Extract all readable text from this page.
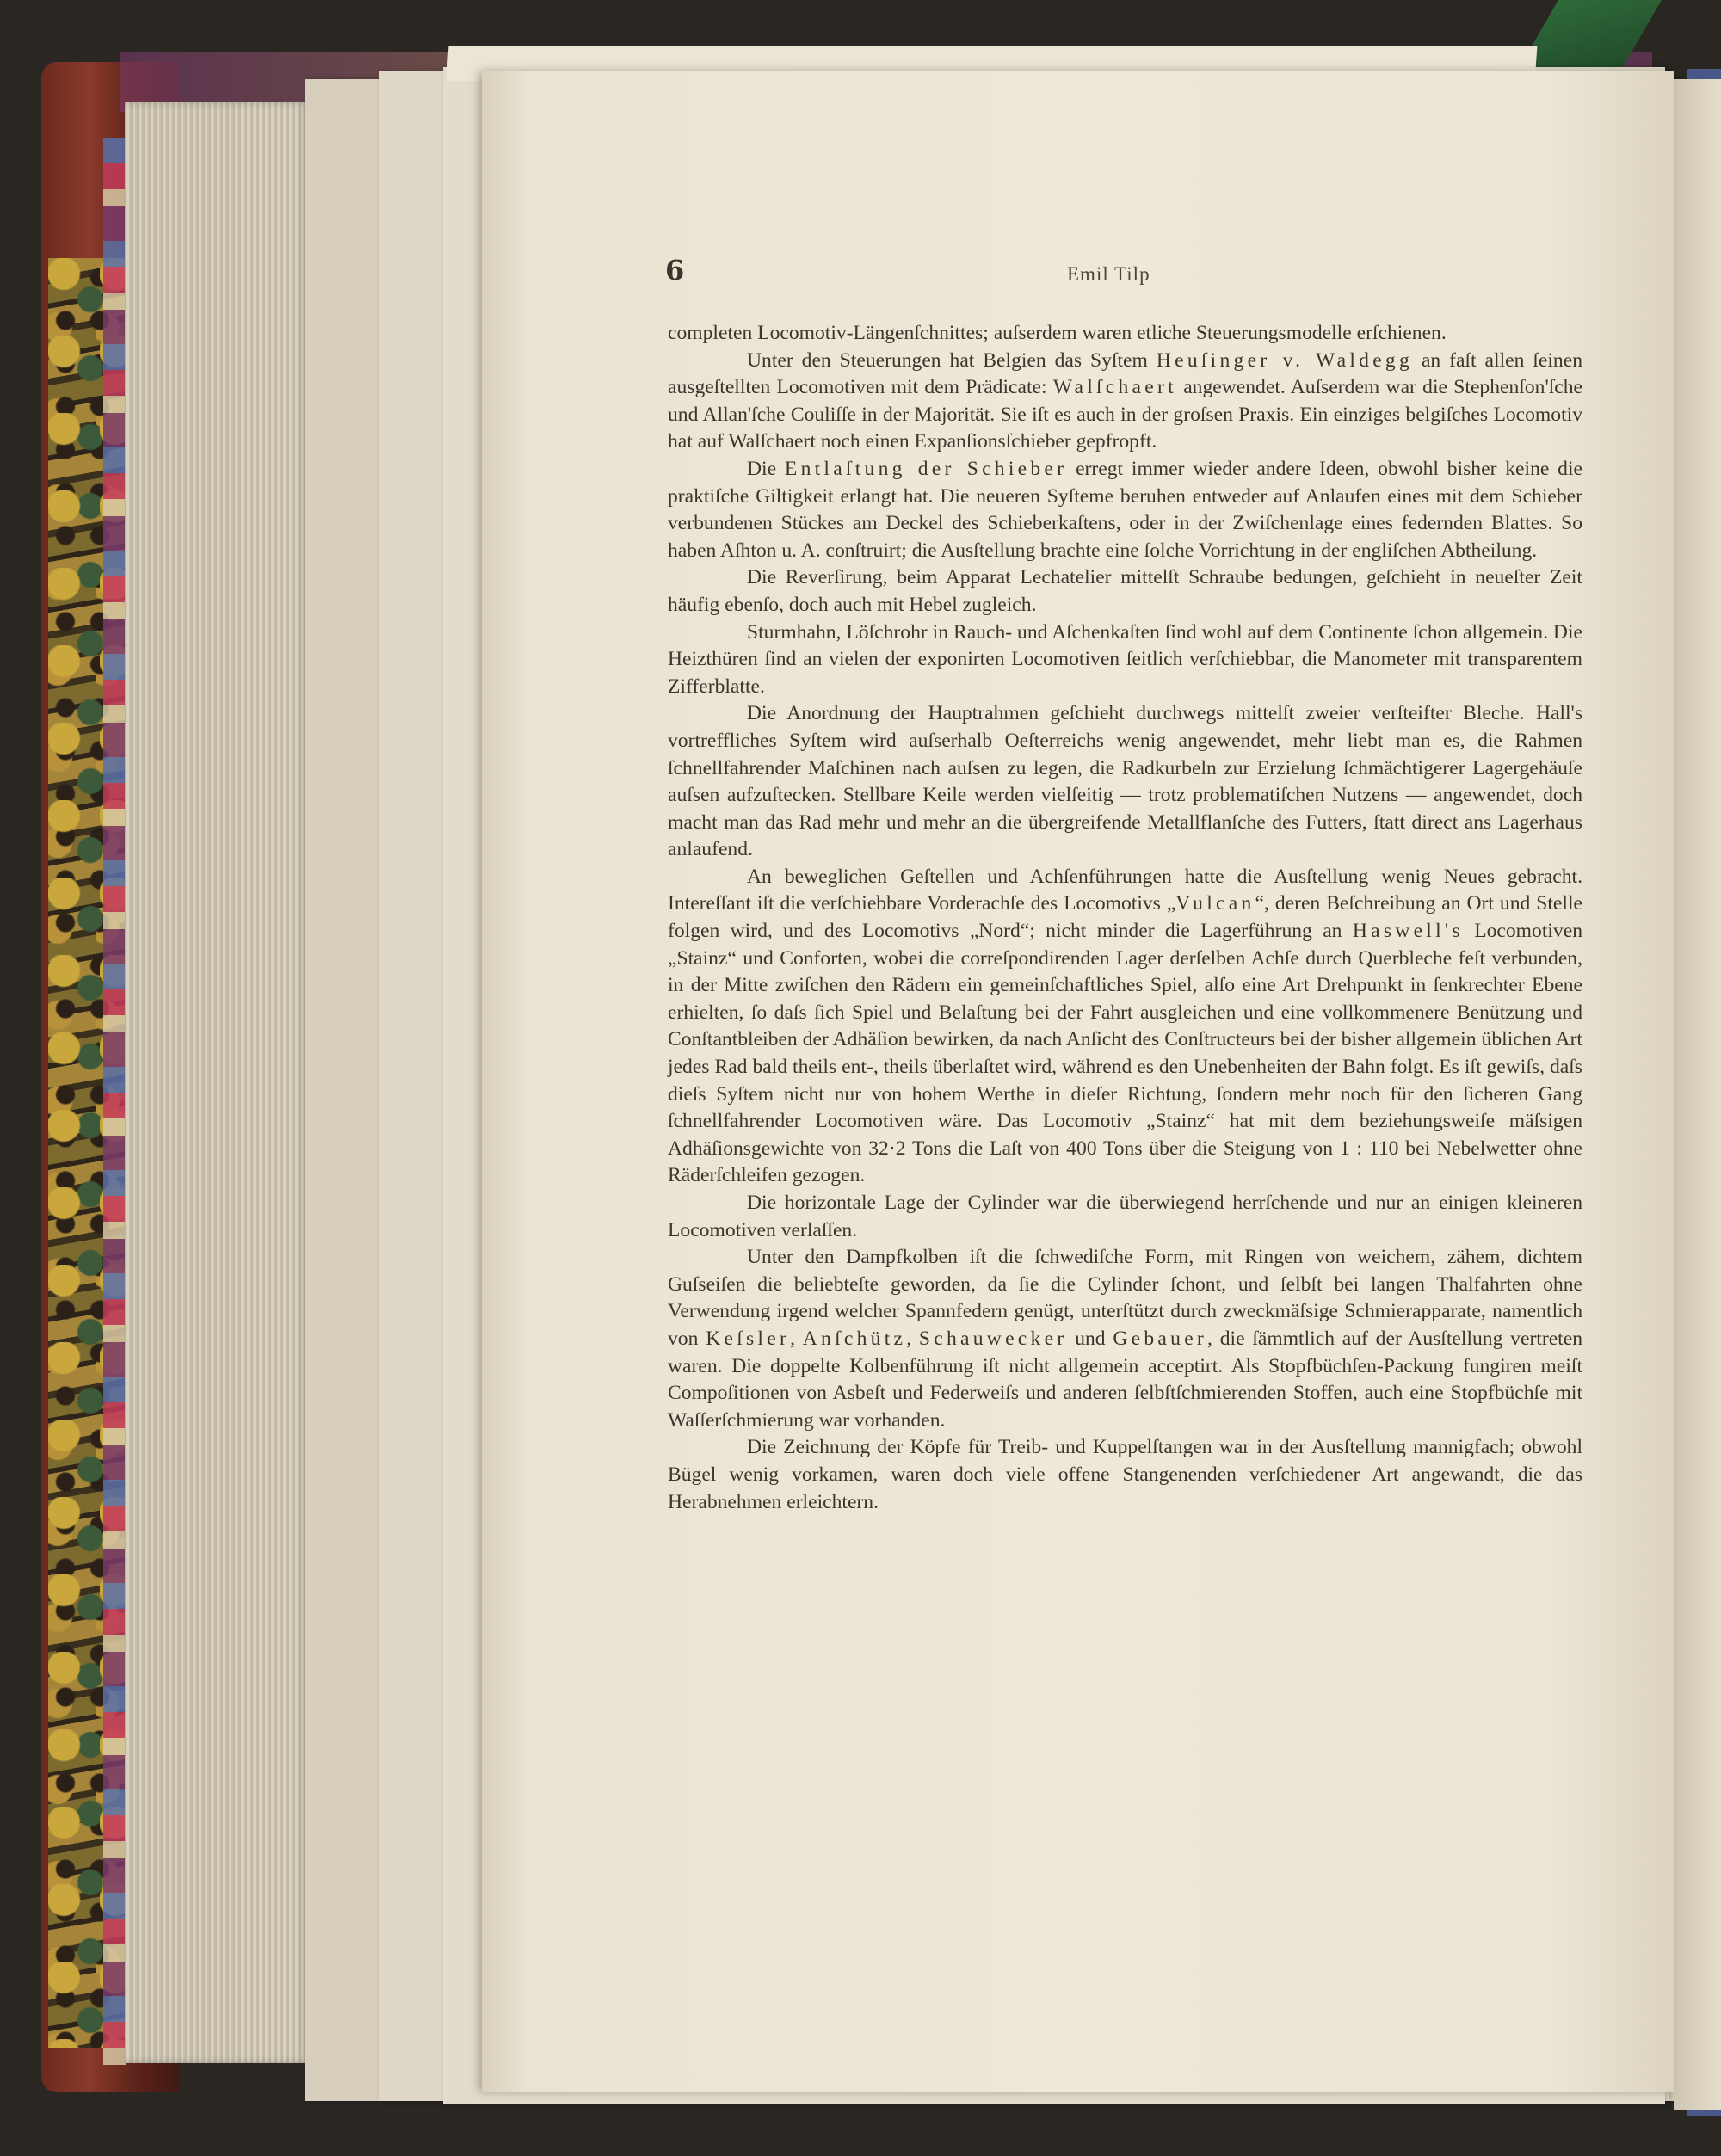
6	Emil Tilp

completen Locomotiv-Längenſchnittes; auſserdem waren etliche Steuerungsmodelle erſchienen.

Unter den Steuerungen hat Belgien das Syſtem Heuſinger v. Waldegg an faſt allen ſeinen ausgeſtellten Locomotiven mit dem Prädicate: Walſchaert angewendet. Auſserdem war die Stephenſon'ſche und Allan'ſche Couliſſe in der Majorität. Sie iſt es auch in der groſsen Praxis. Ein einziges belgiſches Locomotiv hat auf Walſchaert noch einen Expanſionsſchieber gepfropft.

Die Entlaſtung der Schieber erregt immer wieder andere Ideen, obwohl bisher keine die praktiſche Giltigkeit erlangt hat. Die neueren Syſteme beruhen entweder auf Anlaufen eines mit dem Schieber verbundenen Stückes am Deckel des Schieberkaſtens, oder in der Zwiſchenlage eines federnden Blattes. So haben Aſhton u. A. conſtruirt; die Ausſtellung brachte eine ſolche Vorrichtung in der engliſchen Abtheilung.

Die Reverſirung, beim Apparat Lechatelier mittelſt Schraube bedungen, geſchieht in neueſter Zeit häufig ebenſo, doch auch mit Hebel zugleich.

Sturmhahn, Löſchrohr in Rauch- und Aſchenkaſten ſind wohl auf dem Continente ſchon allgemein. Die Heizthüren ſind an vielen der exponirten Locomotiven ſeitlich verſchiebbar, die Manometer mit transparentem Zifferblatte.

Die Anordnung der Hauptrahmen geſchieht durchwegs mittelſt zweier verſteifter Bleche. Hall's vortreffliches Syſtem wird auſserhalb Oeſterreichs wenig angewendet, mehr liebt man es, die Rahmen ſchnellfahrender Maſchinen nach auſsen zu legen, die Radkurbeln zur Erzielung ſchmächtigerer Lagergehäuſe auſsen aufzuſtecken. Stellbare Keile werden vielſeitig — trotz problematiſchen Nutzens — angewendet, doch macht man das Rad mehr und mehr an die übergreifende Metallflanſche des Futters, ſtatt direct ans Lagerhaus anlaufend.

An beweglichen Geſtellen und Achſenführungen hatte die Ausſtellung wenig Neues gebracht. Intereſſant iſt die verſchiebbare Vorderachſe des Locomotivs „Vulcan“, deren Beſchreibung an Ort und Stelle folgen wird, und des Locomotivs „Nord“; nicht minder die Lagerführung an Haswell's Locomotiven „Stainz“ und Conforten, wobei die correſpondirenden Lager derſelben Achſe durch Querbleche feſt verbunden, in der Mitte zwiſchen den Rädern ein gemeinſchaftliches Spiel, alſo eine Art Drehpunkt in ſenkrechter Ebene erhielten, ſo daſs ſich Spiel und Belaſtung bei der Fahrt ausgleichen und eine vollkommenere Benützung und Conſtantbleiben der Adhäſion bewirken, da nach Anſicht des Conſtructeurs bei der bisher allgemein üblichen Art jedes Rad bald theils ent-, theils überlaſtet wird, während es den Unebenheiten der Bahn folgt. Es iſt gewiſs, daſs dieſs Syſtem nicht nur von hohem Werthe in dieſer Richtung, ſondern mehr noch für den ſicheren Gang ſchnellfahrender Locomotiven wäre. Das Locomotiv „Stainz“ hat mit dem beziehungsweiſe mäſsigen Adhäſionsgewichte von 32·2 Tons die Laſt von 400 Tons über die Steigung von 1 : 110 bei Nebelwetter ohne Räderſchleifen gezogen.

Die horizontale Lage der Cylinder war die überwiegend herrſchende und nur an einigen kleineren Locomotiven verlaſſen.

Unter den Dampfkolben iſt die ſchwediſche Form, mit Ringen von weichem, zähem, dichtem Guſseiſen die beliebteſte geworden, da ſie die Cylinder ſchont, und ſelbſt bei langen Thalfahrten ohne Verwendung irgend welcher Spannfedern genügt, unterſtützt durch zweckmäſsige Schmierapparate, namentlich von Keſsler, Anſchütz, Schauwecker und Gebauer, die ſämmtlich auf der Ausſtellung vertreten waren. Die doppelte Kolbenführung iſt nicht allgemein acceptirt. Als Stopfbüchſen-Packung fungiren meiſt Compoſitionen von Asbeſt und Federweiſs und anderen ſelbſtſchmierenden Stoffen, auch eine Stopfbüchſe mit Waſſerſchmierung war vorhanden.

Die Zeichnung der Köpfe für Treib- und Kuppelſtangen war in der Ausſtellung mannigfach; obwohl Bügel wenig vorkamen, waren doch viele offene Stangenenden verſchiedener Art angewandt, die das Herabnehmen erleichtern.
